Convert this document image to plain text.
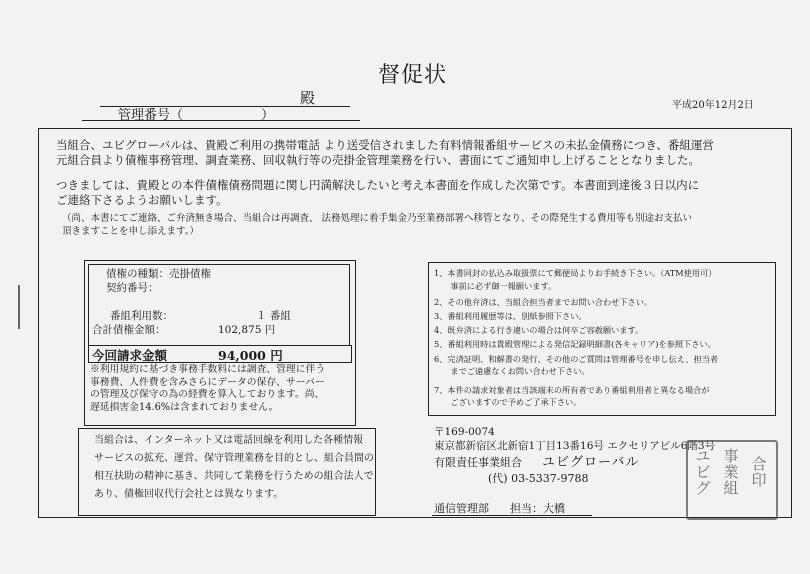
督促状
殿
管理番号（　　　　　　）
平成20年12月2日
当組合、ユビグローバルは、貴殿ご利用の携帯電話 より送受信されました有料情報番組サービスの未払金債務につき、番組運営
元組合員より債権事務管理、調査業務、回収執行等の売掛金管理業務を行い、書面にてご通知申し上げることとなりました。
つきましては、貴殿との本件債権債務問題に関し円満解決したいと考え本書面を作成した次第です。本書面到達後３日以内に
ご連絡下さるようお願いします。
（尚、本書にてご連絡、ご弁済無き場合、当組合は再調査、 法務処理に着手集金乃至業務部署へ移管となり、その際発生する費用等も別途お支払い
頂きますことを申し添えます。）
債権の種類：売掛債権
契約番号：
番組利用数：	１ 番組
合計債権金額：	102,875 円
今回請求金額	94,000 円
※利用規約に基づき事務手数料には調査、管理に伴う
事務費、人件費を含みさらにデータの保存、サーバー
の管理及び保守の為の経費を算入しております。尚、
遅延損害金14.6%は含まれておりません。
1、本書同封の払込み取扱票にて郵便局よりお手続き下さい。（ATM使用可）
　　事前に必ず御一報願います。
2、その他弁済は、当組合担当者までお問い合わせ下さい。
3、番組利用履歴等は、別紙参照下さい。
4、既弁済による行き違いの場合は何卒ご容赦願います。
5、番組利用時は貴殿管理による発信記録明細書(各キャリア)を参照下さい。
6、完済証明、和解書の発行、その他のご質問は管理番号を申し伝え、担当者
　　までご遠慮なくお問い合わせ下さい。
7、本件の請求対象者は当該端末の所有者であり番組利用者と異なる場合が
　　ございますので予めご了承下さい。
当組合は、インターネット又は電話回線を利用した各種情報
サービスの拡充、運営、保守管理業務を目的とし、組合員間の
相互扶助の精神に基き、共同して業務を行うための組合法人で
あり、債権回収代行会社とは異なります。
〒169-0074
東京都新宿区北新宿1丁目13番16号 エクセリアビル6階3号
有限責任事業組合 ユビグローバル
(代) 03-5337-9788
通信管理部 担当：大橋
ユ
ビ
グ
事
業
組
合
印
